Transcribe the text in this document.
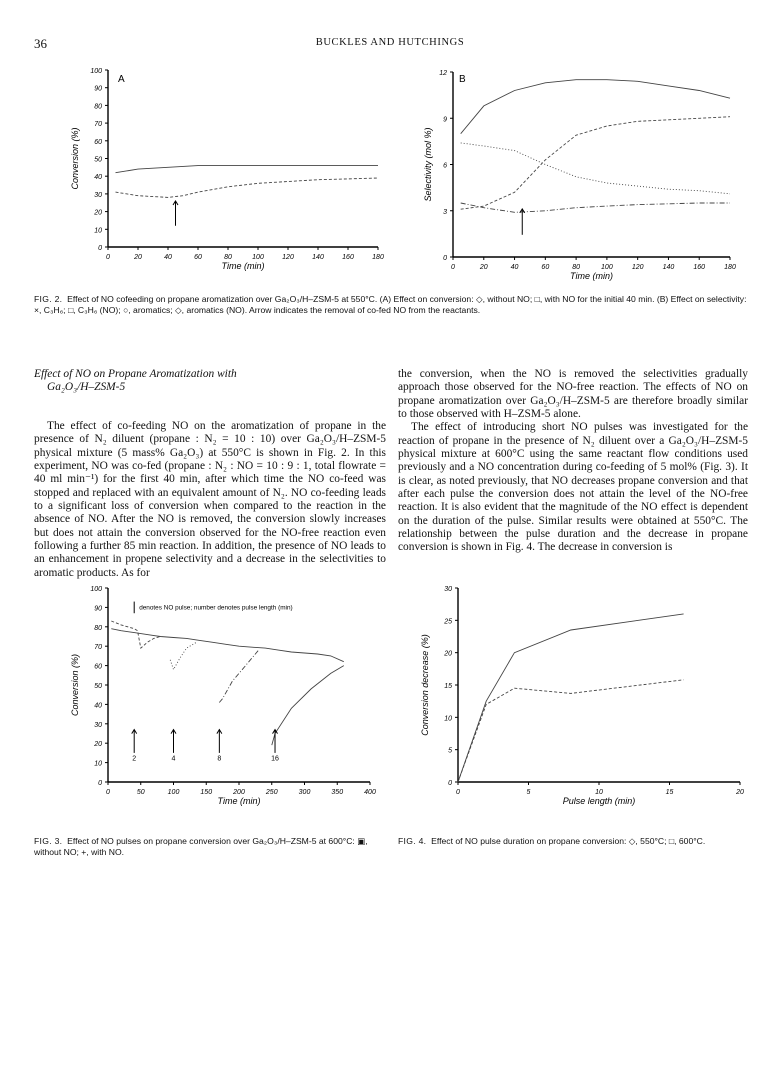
36	BUCKLES AND HUTCHINGS
0
10
20
30
40
50
60
70
80
90
100
0	20	40	60	80	100	120	140	160	180
Time (min)
Conversion (%)
A
0
3
6
9
12
0	20	40	60	80	100	120	140	160	180
Time (min)
Selectivity (mol %)
B
FIG. 2. Effect of NO cofeeding on propane aromatization over Ga₂O₃/H–ZSM-5 at 550°C. (A) Effect on conversion: ◇, without NO; □, with NO for the initial 40 min. (B) Effect on selectivity: ×, C₃H₆; □, C₃H₆ (NO); ○, aromatics; ◇, aromatics (NO). Arrow indicates the removal of co-fed NO from the reactants.
Effect of NO on Propane Aromatization with
Ga₂O₃/H–ZSM-5

The effect of co-feeding NO on the aromatization of propane in the presence of N₂ diluent (propane : N₂ = 10 : 10) over Ga₂O₃/H–ZSM-5 physical mixture (5 mass% Ga₂O₃) at 550°C is shown in Fig. 2. In this experiment, NO was co-fed (propane : N₂ : NO = 10 : 9 : 1, total flowrate = 40 ml min⁻¹) for the first 40 min, after which time the NO co-feed was stopped and replaced with an equivalent amount of N₂. NO co-feeding leads to a significant loss of conversion when compared to the reaction in the absence of NO. After the NO is removed, the conversion slowly increases but does not attain the conversion observed for the NO-free reaction even following a further 85 min reaction. In addition, the presence of NO leads to an enhancement in propene selectivity and a decrease in the selectivities to aromatic products. As for

the conversion, when the NO is removed the selectivities gradually approach those observed for the NO-free reaction. The effects of NO on propane aromatization over Ga₂O₃/H–ZSM-5 are therefore broadly similar to those observed with H–ZSM-5 alone.

The effect of introducing short NO pulses was investigated for the reaction of propane in the presence of N₂ diluent over a Ga₂O₃/H–ZSM-5 physical mixture at 600°C using the same reactant flow conditions used previously and a NO concentration during co-feeding of 5 mol% (Fig. 3). It is clear, as noted previously, that NO decreases propane conversion and that after each pulse the conversion does not attain the level of the NO-free reaction. It is also evident that the magnitude of the NO effect is dependent on the duration of the pulse. Similar results were obtained at 550°C. The relationship between the pulse duration and the decrease in propane conversion is shown in Fig. 4. The decrease in conversion is

0
10
20
30
40
50
60
70
80
90
100
0	50	100	150	200	250	300	350	400
Time (min)
Conversion (%)
2	4	8	16
denotes NO pulse; number denotes pulse length (min)
0
5
10
15
20
25
30
0	5	10	15	20
Pulse length (min)
Conversion decrease (%)
FIG. 3. Effect of NO pulses on propane conversion over Ga₂O₃/H–ZSM-5 at 600°C: ▣, without NO; +, with NO.
FIG. 4. Effect of NO pulse duration on propane conversion: ◇, 550°C; □, 600°C.
